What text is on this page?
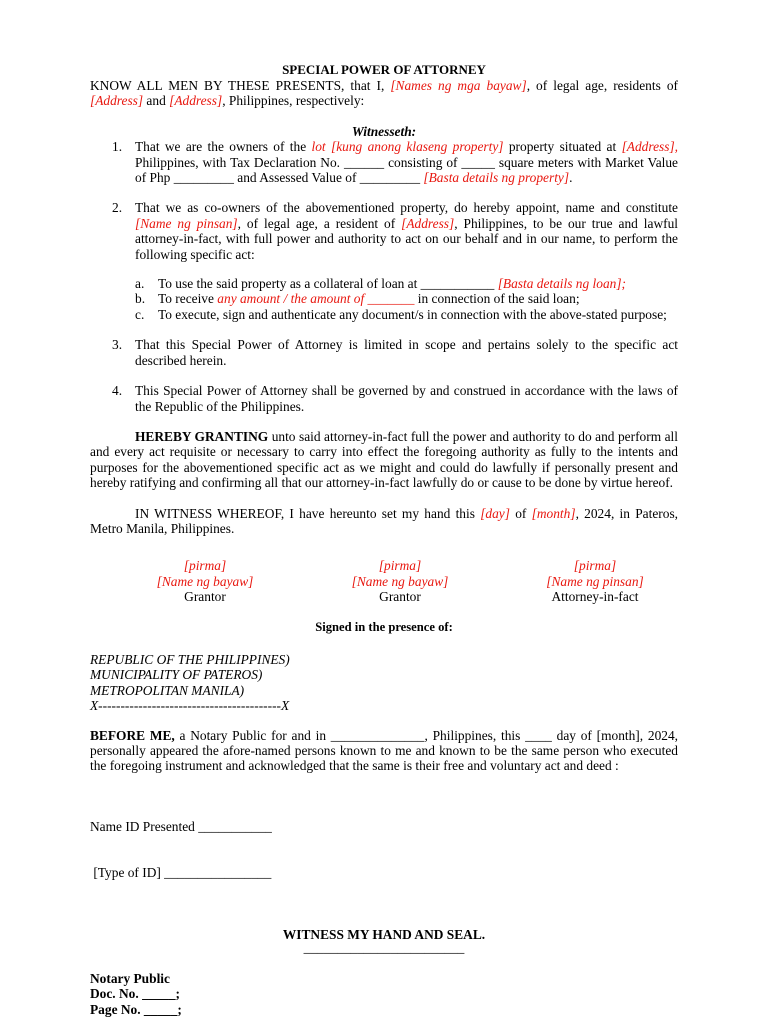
SPECIAL POWER OF ATTORNEY

KNOW ALL MEN BY THESE PRESENTS, that I, [Names ng mga bayaw], of legal age, residents of [Address] and [Address], Philippines, respectively:

Witnesseth:

1. That we are the owners of the lot [kung anong klaseng property] property situated at [Address], Philippines, with Tax Declaration No. ______ consisting of _____ square meters with Market Value of Php _________ and Assessed Value of _________ [Basta details ng property].
2. That we as co-owners of the abovementioned property, do hereby appoint, name and constitute [Name ng pinsan], of legal age, a resident of [Address], Philippines, to be our true and lawful attorney-in-fact, with full power and authority to act on our behalf and in our name, to perform the following specific act:
a. To use the said property as a collateral of loan at ___________ [Basta details ng loan];
b. To receive any amount / the amount of _______ in connection of the said loan;
c. To execute, sign and authenticate any document/s in connection with the above-stated purpose;
3. That this Special Power of Attorney is limited in scope and pertains solely to the specific act described herein.
4. This Special Power of Attorney shall be governed by and construed in accordance with the laws of the Republic of the Philippines.

HEREBY GRANTING unto said attorney-in-fact full the power and authority to do and perform all and every act requisite or necessary to carry into effect the foregoing authority as fully to the intents and purposes for the abovementioned specific act as we might and could do lawfully if personally present and hereby ratifying and confirming all that our attorney-in-fact lawfully do or cause to be done by virtue hereof.

IN WITNESS WHEREOF, I have hereunto set my hand this [day] of [month], 2024, in Pateros, Metro Manila, Philippines.

[pirma]
[Name ng bayaw]
Grantor
[pirma]
[Name ng bayaw]
Grantor
[pirma]
[Name ng pinsan]
Attorney-in-fact

Signed in the presence of:

REPUBLIC OF THE PHILIPPINES)
MUNICIPALITY OF PATEROS)
METROPOLITAN MANILA)
X-----------------------------------------X

BEFORE ME, a Notary Public for and in ______________, Philippines, this ____ day of [month], 2024, personally appeared the afore-named persons known to me and known to be the same person who executed the foregoing instrument and acknowledged that the same is their free and voluntary act and deed :

Name ID Presented ___________

[Type of ID] ________________

WITNESS MY HAND AND SEAL.

________________________

Notary Public
Doc. No. _____;
Page No. _____;
